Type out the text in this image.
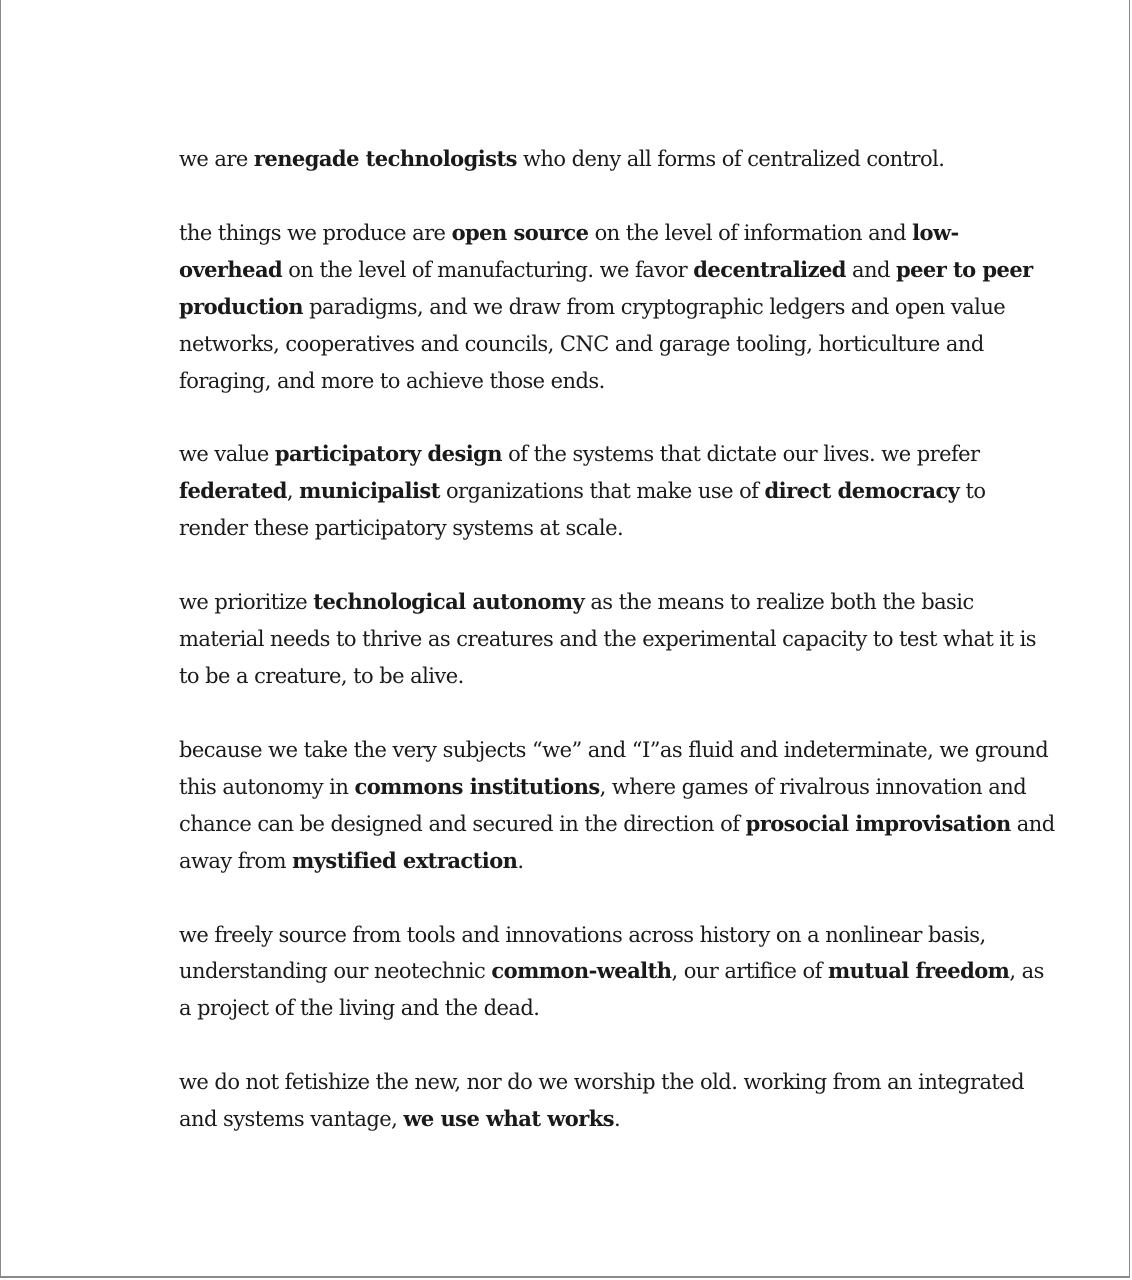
we are renegade technologists who deny all forms of centralized control.

the things we produce are open source on the level of information and low-overhead on the level of manufacturing. we favor decentralized and peer to peer production paradigms, and we draw from cryptographic ledgers and open value networks, cooperatives and councils, CNC and garage tooling, horticulture and foraging, and more to achieve those ends.

we value participatory design of the systems that dictate our lives. we prefer federated, municipalist organizations that make use of direct democracy to render these participatory systems at scale.

we prioritize technological autonomy as the means to realize both the basic material needs to thrive as creatures and the experimental capacity to test what it is to be a creature, to be alive.

because we take the very subjects “we” and “I”as fluid and indeterminate, we ground this autonomy in commons institutions, where games of rivalrous innovation and chance can be designed and secured in the direction of prosocial improvisation and away from mystified extraction.

we freely source from tools and innovations across history on a nonlinear basis, understanding our neotechnic common-wealth, our artifice of mutual freedom, as a project of the living and the dead.

we do not fetishize the new, nor do we worship the old. working from an integrated and systems vantage, we use what works.
